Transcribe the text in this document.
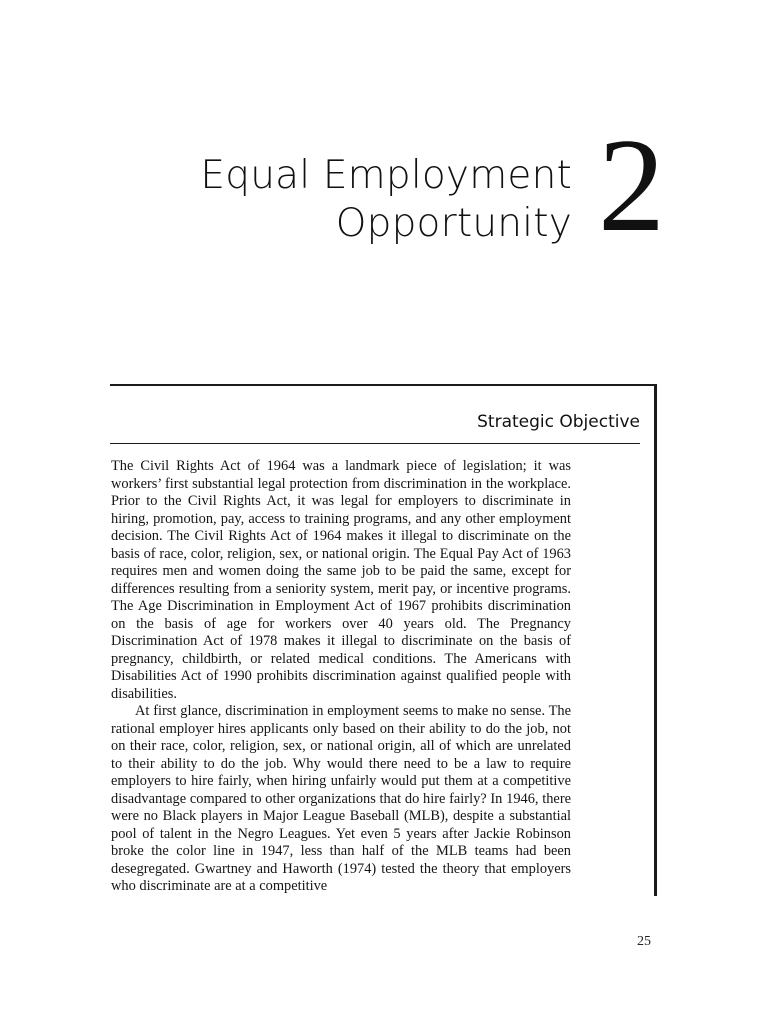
Equal Employment
Opportunity 2
Strategic Objective

The Civil Rights Act of 1964 was a landmark piece of legislation; it was workers’ first substantial legal protection from discrimination in the workplace. Prior to the Civil Rights Act, it was legal for employers to discriminate in hiring, promotion, pay, access to training programs, and any other employment decision. The Civil Rights Act of 1964 makes it illegal to discriminate on the basis of race, color, religion, sex, or national origin. The Equal Pay Act of 1963 requires men and women doing the same job to be paid the same, except for differences resulting from a seniority system, merit pay, or incentive programs. The Age Discrimination in Employment Act of 1967 prohibits discrimination on the basis of age for workers over 40 years old. The Pregnancy Discrimination Act of 1978 makes it illegal to discriminate on the basis of pregnancy, childbirth, or related medical conditions. The Americans with Disabilities Act of 1990 prohibits discrimination against qualified people with disabilities.

At first glance, discrimination in employment seems to make no sense. The rational employer hires applicants only based on their ability to do the job, not on their race, color, religion, sex, or national origin, all of which are unrelated to their ability to do the job. Why would there need to be a law to require employers to hire fairly, when hiring unfairly would put them at a competitive disadvantage compared to other organizations that do hire fairly? In 1946, there were no Black players in Major League Baseball (MLB), despite a substantial pool of talent in the Negro Leagues. Yet even 5 years after Jackie Robinson broke the color line in 1947, less than half of the MLB teams had been desegregated. Gwartney and Haworth (1974) tested the theory that employers who discriminate are at a competitive

25
